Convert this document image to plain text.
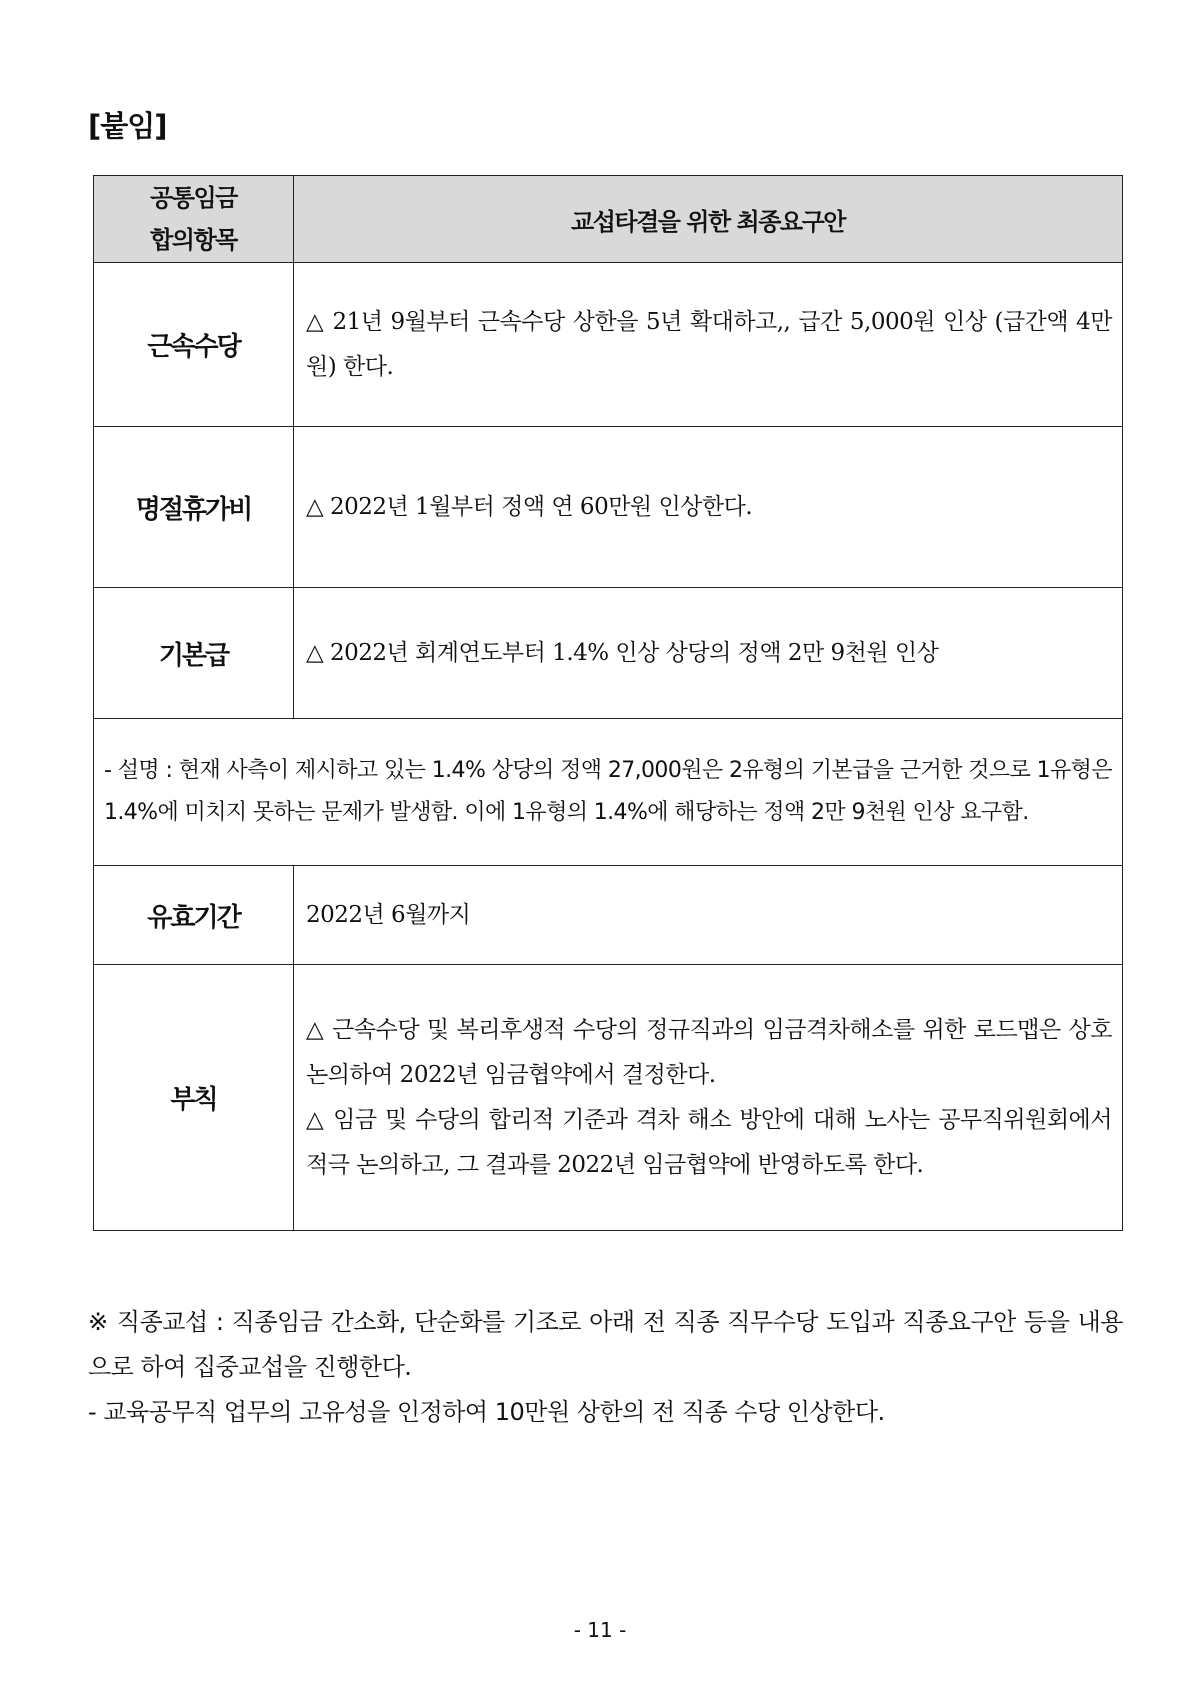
[붙임]
공통임금
합의항목	교섭타결을 위한 최종요구안
근속수당	△ 21년 9월부터 근속수당 상한을 5년 확대하고,, 급간 5,000원 인상 (급간액 4만원) 한다.
명절휴가비	△ 2022년 1월부터 정액 연 60만원 인상한다.
기본급	△ 2022년 회계연도부터 1.4% 인상 상당의 정액 2만 9천원 인상
- 설명 : 현재 사측이 제시하고 있는 1.4% 상당의 정액 27,000원은 2유형의 기본급을 근거한 것으로 1유형은 1.4%에 미치지 못하는 문제가 발생함. 이에 1유형의 1.4%에 해당하는 정액 2만 9천원 인상 요구함.	
유효기간	2022년 6월까지
부칙	△ 근속수당 및 복리후생적 수당의 정규직과의 임금격차해소를 위한 로드맵은 상호 논의하여 2022년 임금협약에서 결정한다.
△ 임금 및 수당의 합리적 기준과 격차 해소 방안에 대해 노사는 공무직위원회에서 적극 논의하고, 그 결과를 2022년 임금협약에 반영하도록 한다.
※ 직종교섭 : 직종임금 간소화, 단순화를 기조로 아래 전 직종 직무수당 도입과 직종요구안 등을 내용으로 하여 집중교섭을 진행한다.
- 교육공무직 업무의 고유성을 인정하여 10만원 상한의 전 직종 수당 인상한다.
- 11 -
